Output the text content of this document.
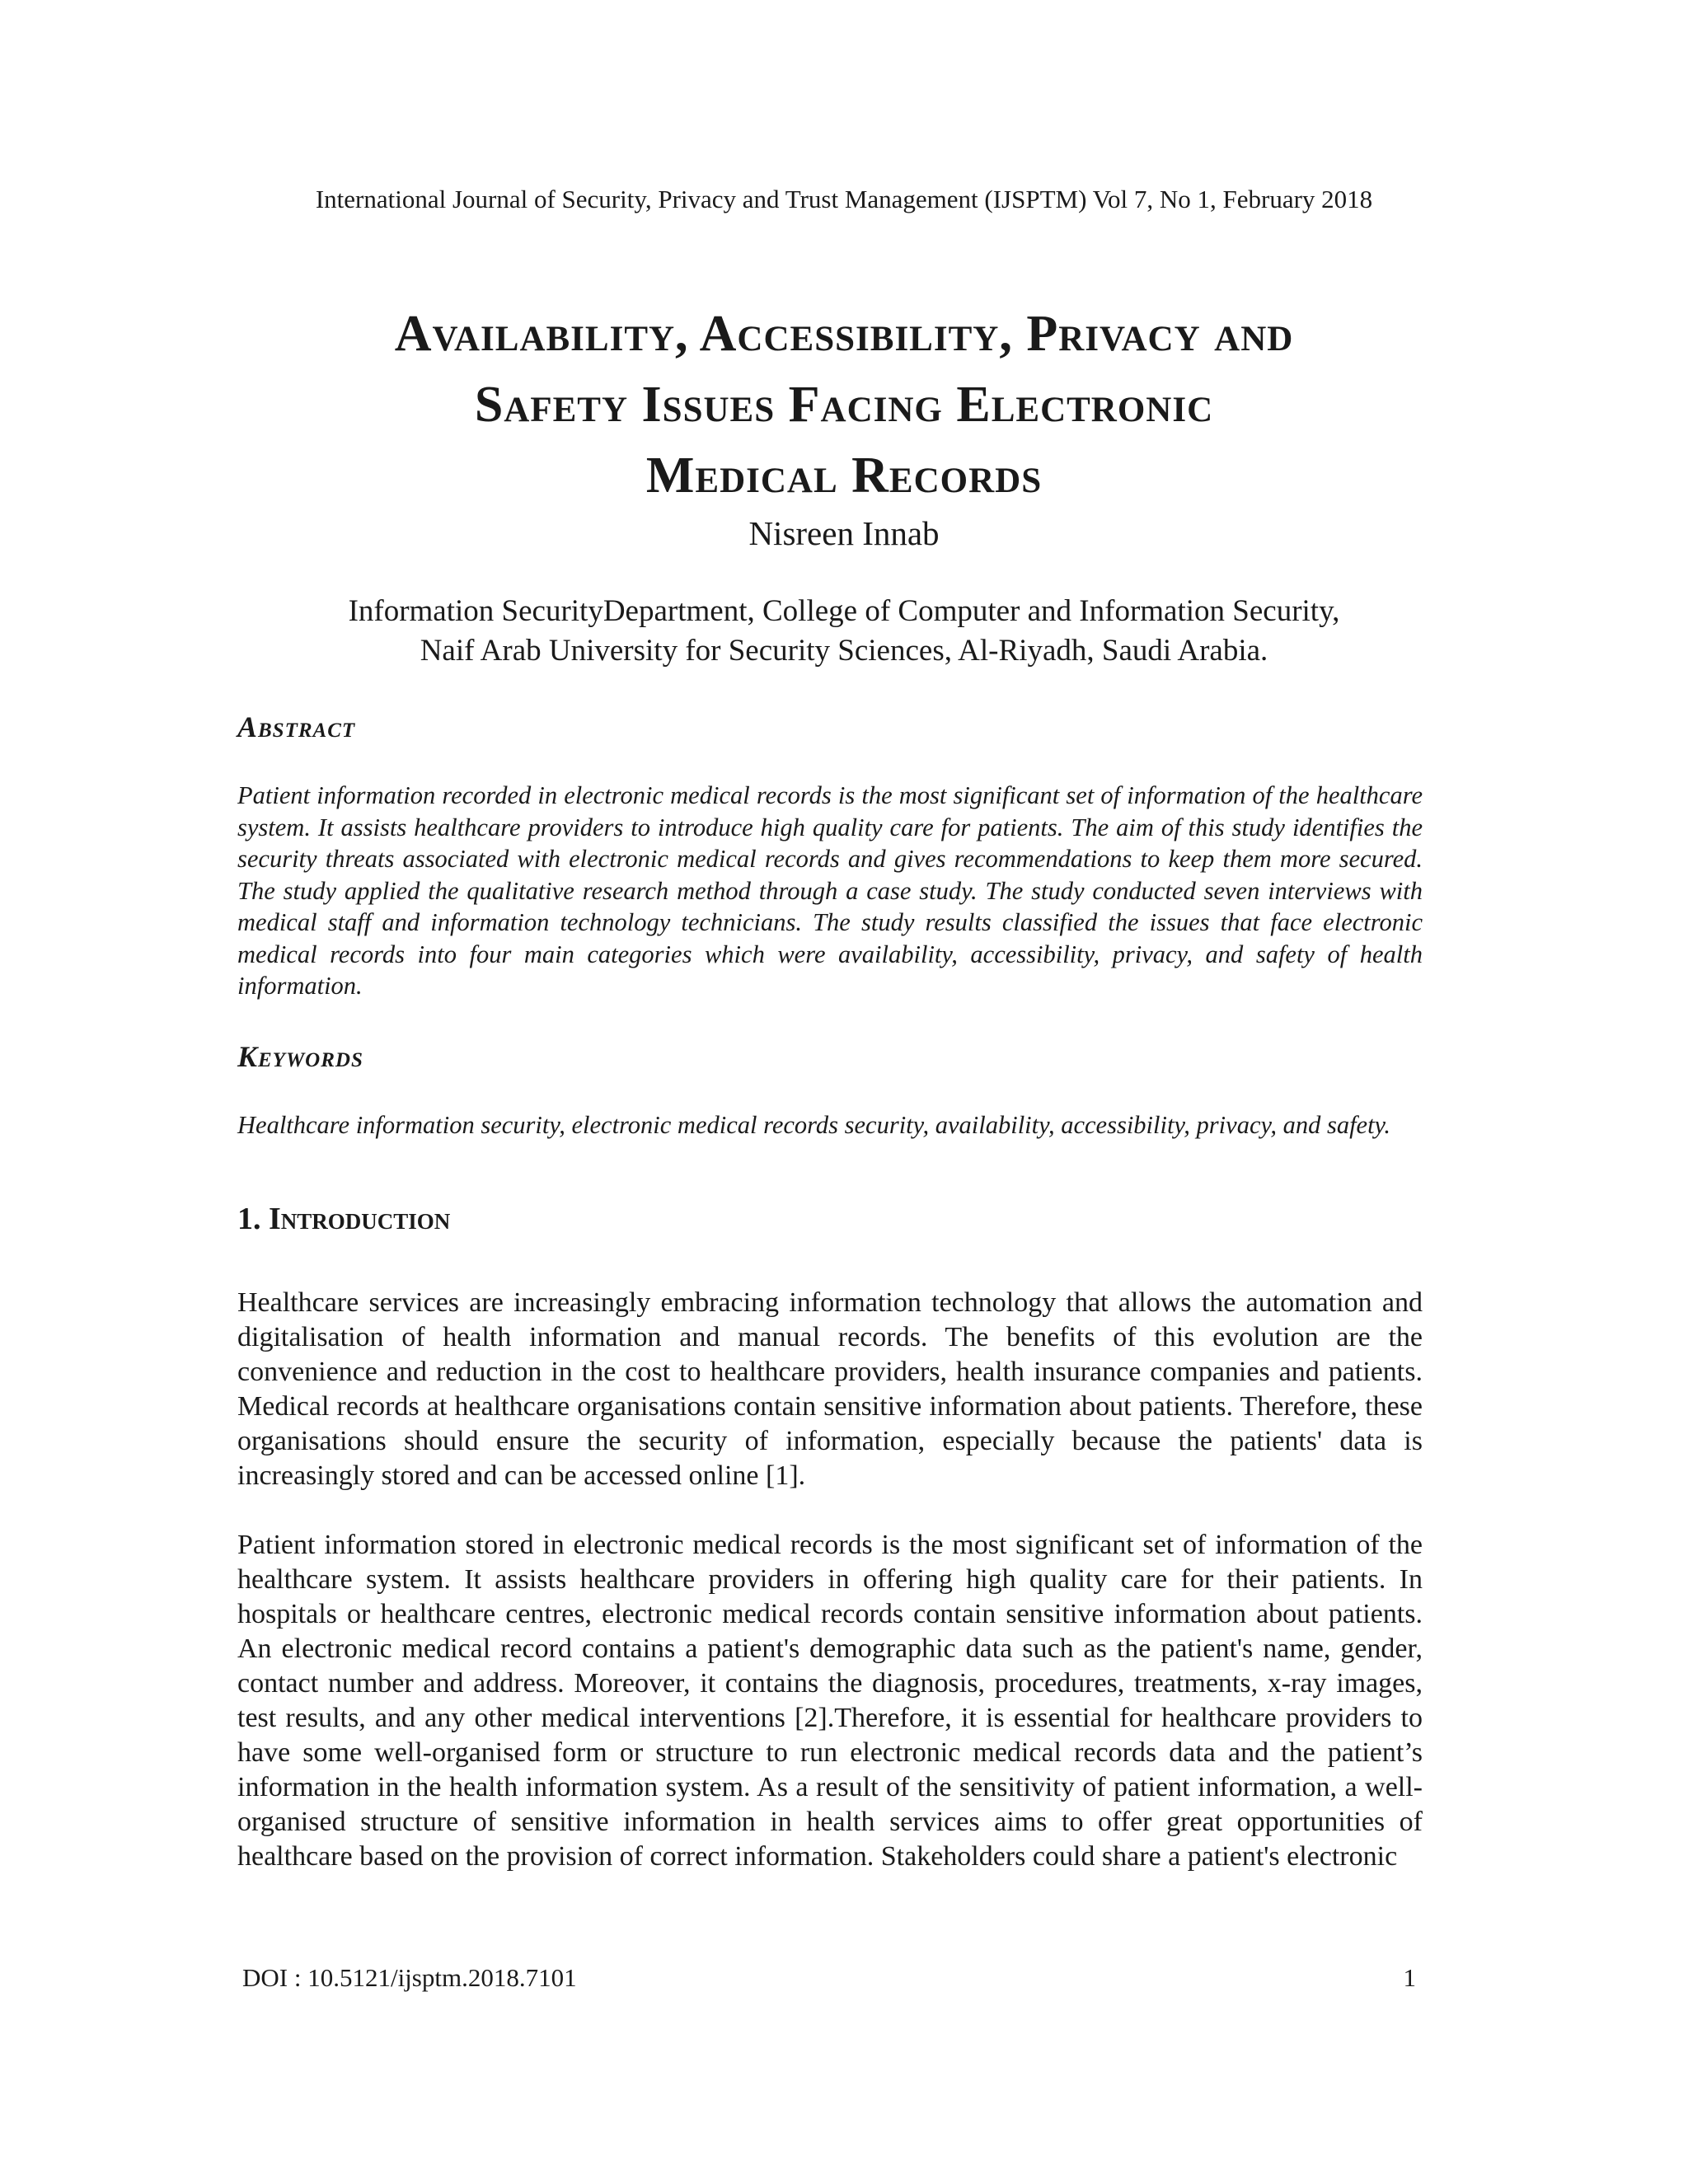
International Journal of Security, Privacy and Trust Management (IJSPTM) Vol 7, No 1, February 2018
Availability, Accessibility, Privacy and
Safety Issues Facing Electronic
Medical Records
Nisreen Innab
Information SecurityDepartment, College of Computer and Information Security,
Naif Arab University for Security Sciences, Al-Riyadh, Saudi Arabia.
Abstract
Patient information recorded in electronic medical records is the most significant set of information of the healthcare system. It assists healthcare providers to introduce high quality care for patients. The aim of this study identifies the security threats associated with electronic medical records and gives recommendations to keep them more secured. The study applied the qualitative research method through a case study. The study conducted seven interviews with medical staff and information technology technicians. The study results classified the issues that face electronic medical records into four main categories which were availability, accessibility, privacy, and safety of health information.
Keywords
Healthcare information security, electronic medical records security, availability, accessibility, privacy, and safety.
1. Introduction
Healthcare services are increasingly embracing information technology that allows the automation and digitalisation of health information and manual records. The benefits of this evolution are the convenience and reduction in the cost to healthcare providers, health insurance companies and patients. Medical records at healthcare organisations contain sensitive information about patients. Therefore, these organisations should ensure the security of information, especially because the patients' data is increasingly stored and can be accessed online [1].
Patient information stored in electronic medical records is the most significant set of information of the healthcare system. It assists healthcare providers in offering high quality care for their patients. In hospitals or healthcare centres, electronic medical records contain sensitive information about patients. An electronic medical record contains a patient's demographic data such as the patient's name, gender, contact number and address. Moreover, it contains the diagnosis, procedures, treatments, x-ray images, test results, and any other medical interventions [2].Therefore, it is essential for healthcare providers to have some well-organised form or structure to run electronic medical records data and the patient’s information in the health information system. As a result of the sensitivity of patient information, a well-organised structure of sensitive information in health services aims to offer great opportunities of healthcare based on the provision of correct information. Stakeholders could share a patient's electronic
DOI : 10.5121/ijsptm.2018.7101	1
